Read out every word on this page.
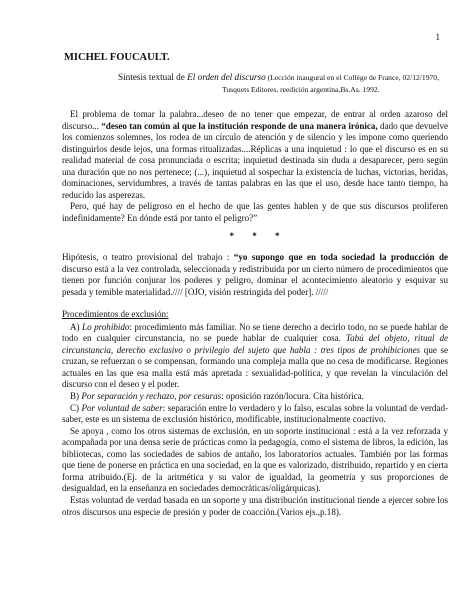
1
MICHEL FOUCAULT.
Síntesis textual de El orden del discurso (Lección inaugural en el Collège de France, 02/12/1970,
Tusquets Editores, reedición argentina,Bs.As. 1992.

El problema de tomar la palabra...deseo de no tener que empezar, de entrar al orden azaroso del discurso... “deseo tan común al que la institución responde de una manera irónica, dado que devuelve los comienzos solemnes, los rodea de un círculo de atención y de silencio y les impone como queriendo distinguirlos desde lejos, una formas ritualizadas....Réplicas a una inquietud : lo que el discurso es en su realidad material de cosa pronunciada o escrita; inquietud destinada sin duda a desaparecer, pero según una duración que no nos pertenece; (...), inquietud al sospechar la existencia de luchas, victorias, heridas, dominaciones, servidumbres, a través de tantas palabras en las que el uso, desde hace tanto tiempo, ha reducido las asperezas.

Pero, qué hay de peligroso en el hecho de que las gentes hablen y de que sus discursos proliferen indefinidamente? En dónde está por tanto el peligro?”

* * *

Hipótesis, o teatro provisional del trabajo : “yo supongo que en toda sociedad la producción de discurso está a la vez controlada, seleccionada y redistribuida por un cierto número de procedimientos que tienen por función conjurar los poderes y peligro, dominar el acontecimiento aleatorio y esquivar su pesada y temible materialidad.//// [OJO, visión restringida del poder]. /////

Procedimientos de exclusión:

A) Lo prohibido: procedimiento más familiar. No se tiene derecho a decirlo todo, no se puede hablar de todo en cualquier circunstancia, no se puede hablar de cualquier cosa. Tabú del objeto, ritual de circunstancia, derecho exclusivo o privilegio del sujeto que habla : tres tipos de prohibiciones que se cruzan, se refuerzan o se compensan, formando una compleja malla que no cesa de modificarse. Regiones actuales en las que esa malla está más apretada : sexualidad-política, y que revelan la vinculación del discurso con el deseo y el poder.

B) Por separación y rechazo, por cesuras: oposición razón/locura. Cita histórica.

C) Por voluntad de saber: separación entre lo verdadero y lo falso, escalas sobre la voluntad de verdad-saber, este es un sistema de exclusión histórico, modificable, institucionalmente coactivo.

Se apoya , como los otros sistemas de exclusión, en un soporte institucional : está a la vez reforzada y acompañada por una densa serie de prácticas como la pedagogía, como el sistema de libros, la edición, las bibliotecas, como las sociedades de sabios de antaño, los laboratorios actuales. También por las formas que tiene de ponerse en práctica en una sociedad, en la que es valorizado, distribuido, repartido y en cierta forma atribuido.(Ej. de la aritmética y su valor de igualdad, la geometría y sus proporciones de desigualdad, en la enseñanza en sociedades democráticas/oligárquicas).

Estas voluntad de verdad basada en un soporte y una distribución institucional tiende a ejercer sobre los otros discursos una especie de presión y poder de coacción.(Varios ejs.,p.18).
